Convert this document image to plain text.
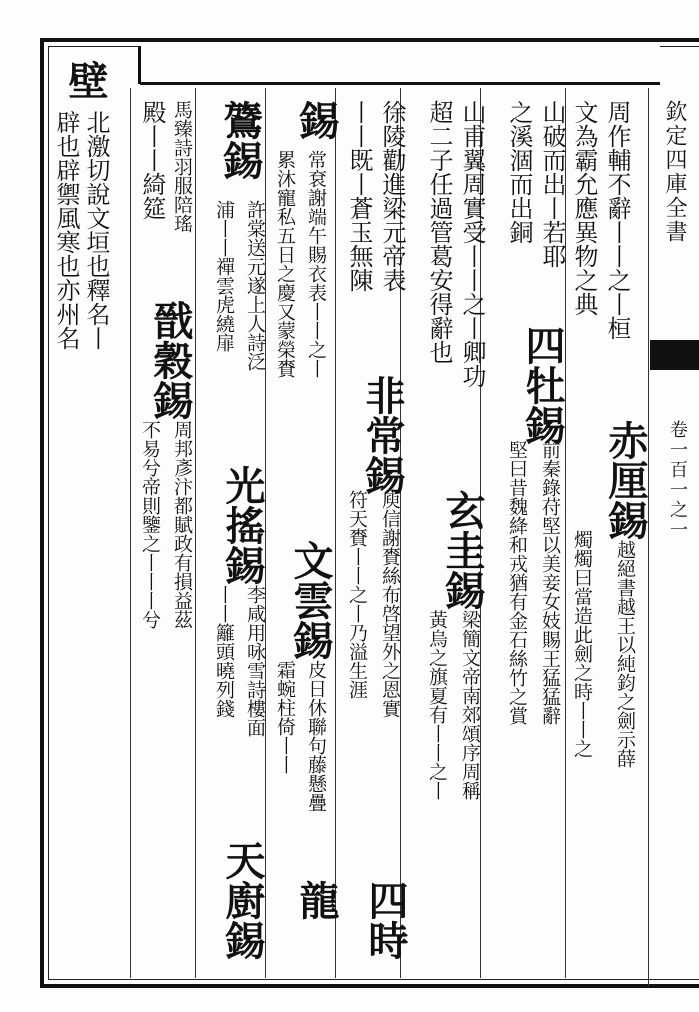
欽定四庫全書
卷一百一之一
周作輔不辭丨丨之丨桓
文為霸允應異物之典
赤厘錫越絕書越王以純鈞之劍示薛
燭燭曰當造此劍之時丨丨之
山破而出丨若耶
之溪涸而出銅
四牡錫
前秦錄苻堅以美妾女妓賜王猛猛辭
堅曰昔魏絳和戎猶有金石絲竹之賞
山甫翼周實受丨丨之丨卿功
超二子任過管葛安得辭也
玄圭錫
梁簡文帝南郊頌序周稱
黃烏之旗夏有丨丨之丨
徐陵勸進梁元帝表
丨丨既丨蒼玉無陳
非常錫
庾信謝賚絲布啓望外之恩實
符天賚丨丨之丨乃溢生涯
四時
錫
常袞謝端午賜衣表丨丨之丨
累沐寵私五日之慶又蒙榮賚
文雲錫
皮日休聯句藤懸疊
霜蜿柱倚丨丨
龍
鷟錫
許棠送元遂上人詩泛
浦丨丨禪雲虎繞扉
光搖錫
李咸用咏雪詩樓面
丨丨籬頭曉列錢
天廚錫
馬臻詩羽服陪瑤
殿丨丨綺筵
戩穀錫
周邦彥汴都賦政有損益茲
不易兮帝則鑒之丨丨丨兮
壁
北激切說文垣也釋名丨
辟也辟禦風寒也亦州名
